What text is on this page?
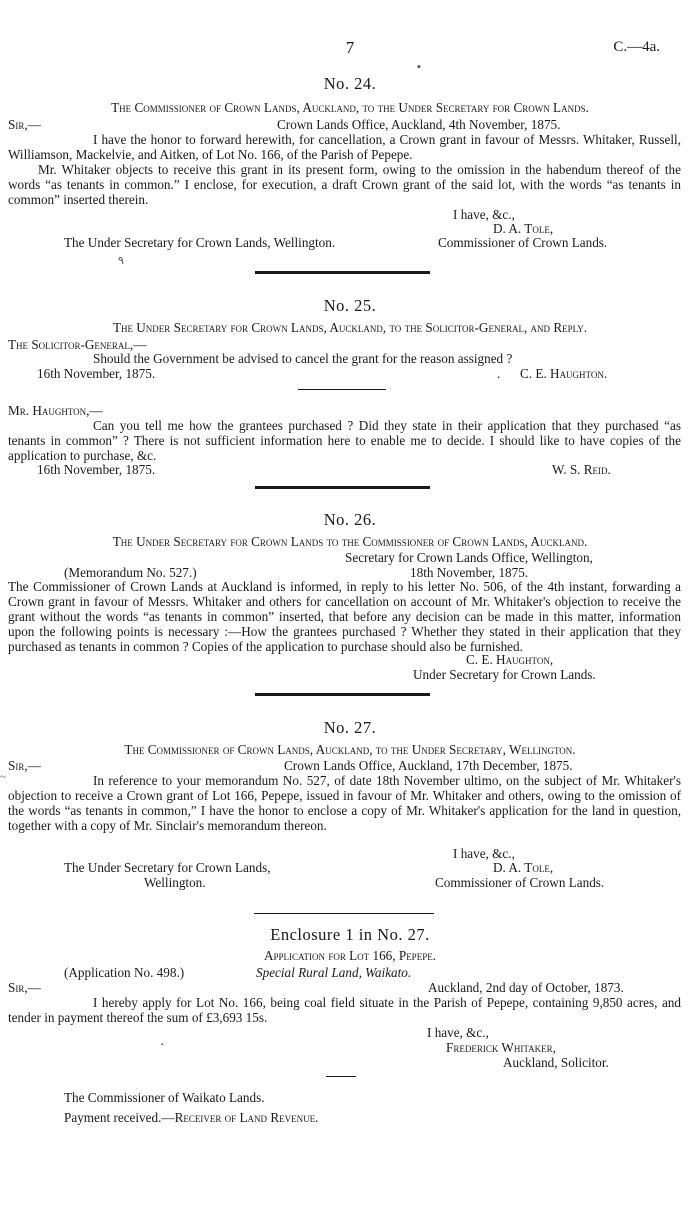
7	C.—4a.
▪
No. 24.
The Commissioner of Crown Lands, Auckland, to the Under Secretary for Crown Lands.
Sir,—	Crown Lands Office, Auckland, 4th November, 1875.
I have the honor to forward herewith, for cancellation, a Crown grant in favour of Messrs. Whitaker, Russell, Williamson, Mackelvie, and Aitken, of Lot No. 166, of the Parish of Pepepe.
Mr. Whitaker objects to receive this grant in its present form, owing to the omission in the habendum thereof of the words “as tenants in common.” I enclose, for execution, a draft Crown grant of the said lot, with the words “as tenants in common” inserted therein.
I have, &c.,
D. A. Tole,
Commissioner of Crown Lands.
The Under Secretary for Crown Lands, Wellington.
٩
No. 25.
The Under Secretary for Crown Lands, Auckland, to the Solicitor-General, and Reply.
The Solicitor-General,—
Should the Government be advised to cancel the grant for the reason assigned ?
16th November, 1875.	. C. E. Haughton.
Mr. Haughton,—
Can you tell me how the grantees purchased ? Did they state in their application that they purchased “as tenants in common” ? There is not sufficient information here to enable me to decide. I should like to have copies of the application to purchase, &c.
16th November, 1875.	W. S. Reid.
No. 26.
The Under Secretary for Crown Lands to the Commissioner of Crown Lands, Auckland.
Secretary for Crown Lands Office, Wellington,
(Memorandum No. 527.)	18th November, 1875.
The Commissioner of Crown Lands at Auckland is informed, in reply to his letter No. 506, of the 4th instant, forwarding a Crown grant in favour of Messrs. Whitaker and others for cancellation on account of Mr. Whitaker's objection to receive the grant without the words “as tenants in common” inserted, that before any decision can be made in this matter, information upon the following points is necessary :—How the grantees purchased ? Whether they stated in their application that they purchased as tenants in common ? Copies of the application to purchase should also be furnished.
C. E. Haughton,
Under Secretary for Crown Lands.
No. 27.
The Commissioner of Crown Lands, Auckland, to the Under Secretary, Wellington.
Sir,—	Crown Lands Office, Auckland, 17th December, 1875.
~	In reference to your memorandum No. 527, of date 18th November ultimo, on the subject of Mr. Whitaker's objection to receive a Crown grant of Lot 166, Pepepe, issued in favour of Mr. Whitaker and others, owing to the omission of the words “as tenants in common,” I have the honor to enclose a copy of Mr. Whitaker's application for the land in question, together with a copy of Mr. Sinclair's memorandum thereon.
I have, &c.,
D. A. Tole,
The Under Secretary for Crown Lands,
Wellington.	Commissioner of Crown Lands.
Enclosure 1 in No. 27.
Application for Lot 166, Pepepe.
(Application No. 498.)	Special Rural Land, Waikato.
Sir,—	Auckland, 2nd day of October, 1873.
I hereby apply for Lot No. 166, being coal field situate in the Parish of Pepepe, containing 9,850 acres, and tender in payment thereof the sum of £3,693 15s.
I have, &c.,
·	Frederick Whitaker,
Auckland, Solicitor.
The Commissioner of Waikato Lands.
Payment received.—Receiver of Land Revenue.
